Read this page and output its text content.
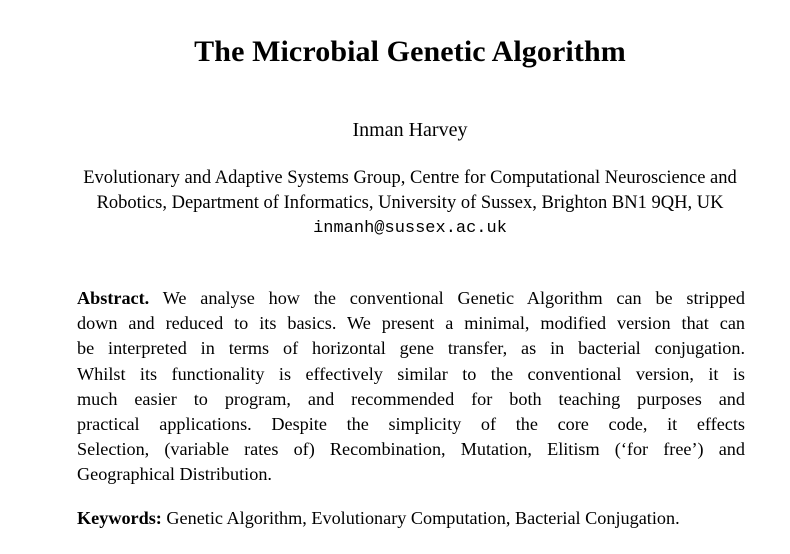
The Microbial Genetic Algorithm
Inman Harvey
Evolutionary and Adaptive Systems Group, Centre for Computational Neuroscience and
Robotics, Department of Informatics, University of Sussex, Brighton BN1 9QH, UK
inmanh@sussex.ac.uk
Abstract. We analyse how the conventional Genetic Algorithm can be stripped
down and reduced to its basics. We present a minimal, modified version that can
be interpreted in terms of horizontal gene transfer, as in bacterial conjugation.
Whilst its functionality is effectively similar to the conventional version, it is
much easier to program, and recommended for both teaching purposes and
practical applications. Despite the simplicity of the core code, it effects
Selection, (variable rates of) Recombination, Mutation, Elitism (‘for free’) and
Geographical Distribution.
Keywords: Genetic Algorithm, Evolutionary Computation, Bacterial Conjugation.
